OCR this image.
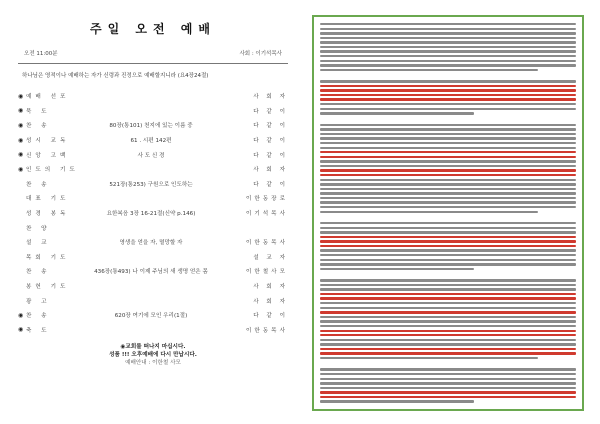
주일 오전 예배
오전 11:00분	사회 : 이기석목사
하나님은 영적이나 예배하는 자가 신령과 진정으로 예배할지니라 (요4장24절)
◉ 예배 선포	사 회 자
◉ 묵 도	다 같 이
◉ 찬 송	80장(통101) 천지에 있는 이름 중	다 같 이
◉ 성시 교독	61 . 시편 142편	다 같 이
◉ 신앙 고백	사 도 신 경	다 같 이
◉ 인도의 기도	사 회 자
찬 송	521장(통253) 구원으로 인도하는	다 같 이
대표 기도	이한동장로
성경 봉독	요한복음 3장 16-21절(신약 p.146)	이기석목사
찬 양
설 교	영생을 얻을 자, 멸망할 자	이한동목사
목회 기도	설 교 자
찬 송	436장(통493) 나 이제 주님의 새 생명 얻은 몸	이한철사모
봉헌 기도	사 회 자
광 고	사 회 자
◉ 찬 송	620장 여기에 모인 우리(1절)	다 같 이
◉ 축 도	이한동목사
◉교회를 떠나지 마십시다.
성품 !!! 오후예배에 다시 만납시다.
예배안내 : 이한철 사모
